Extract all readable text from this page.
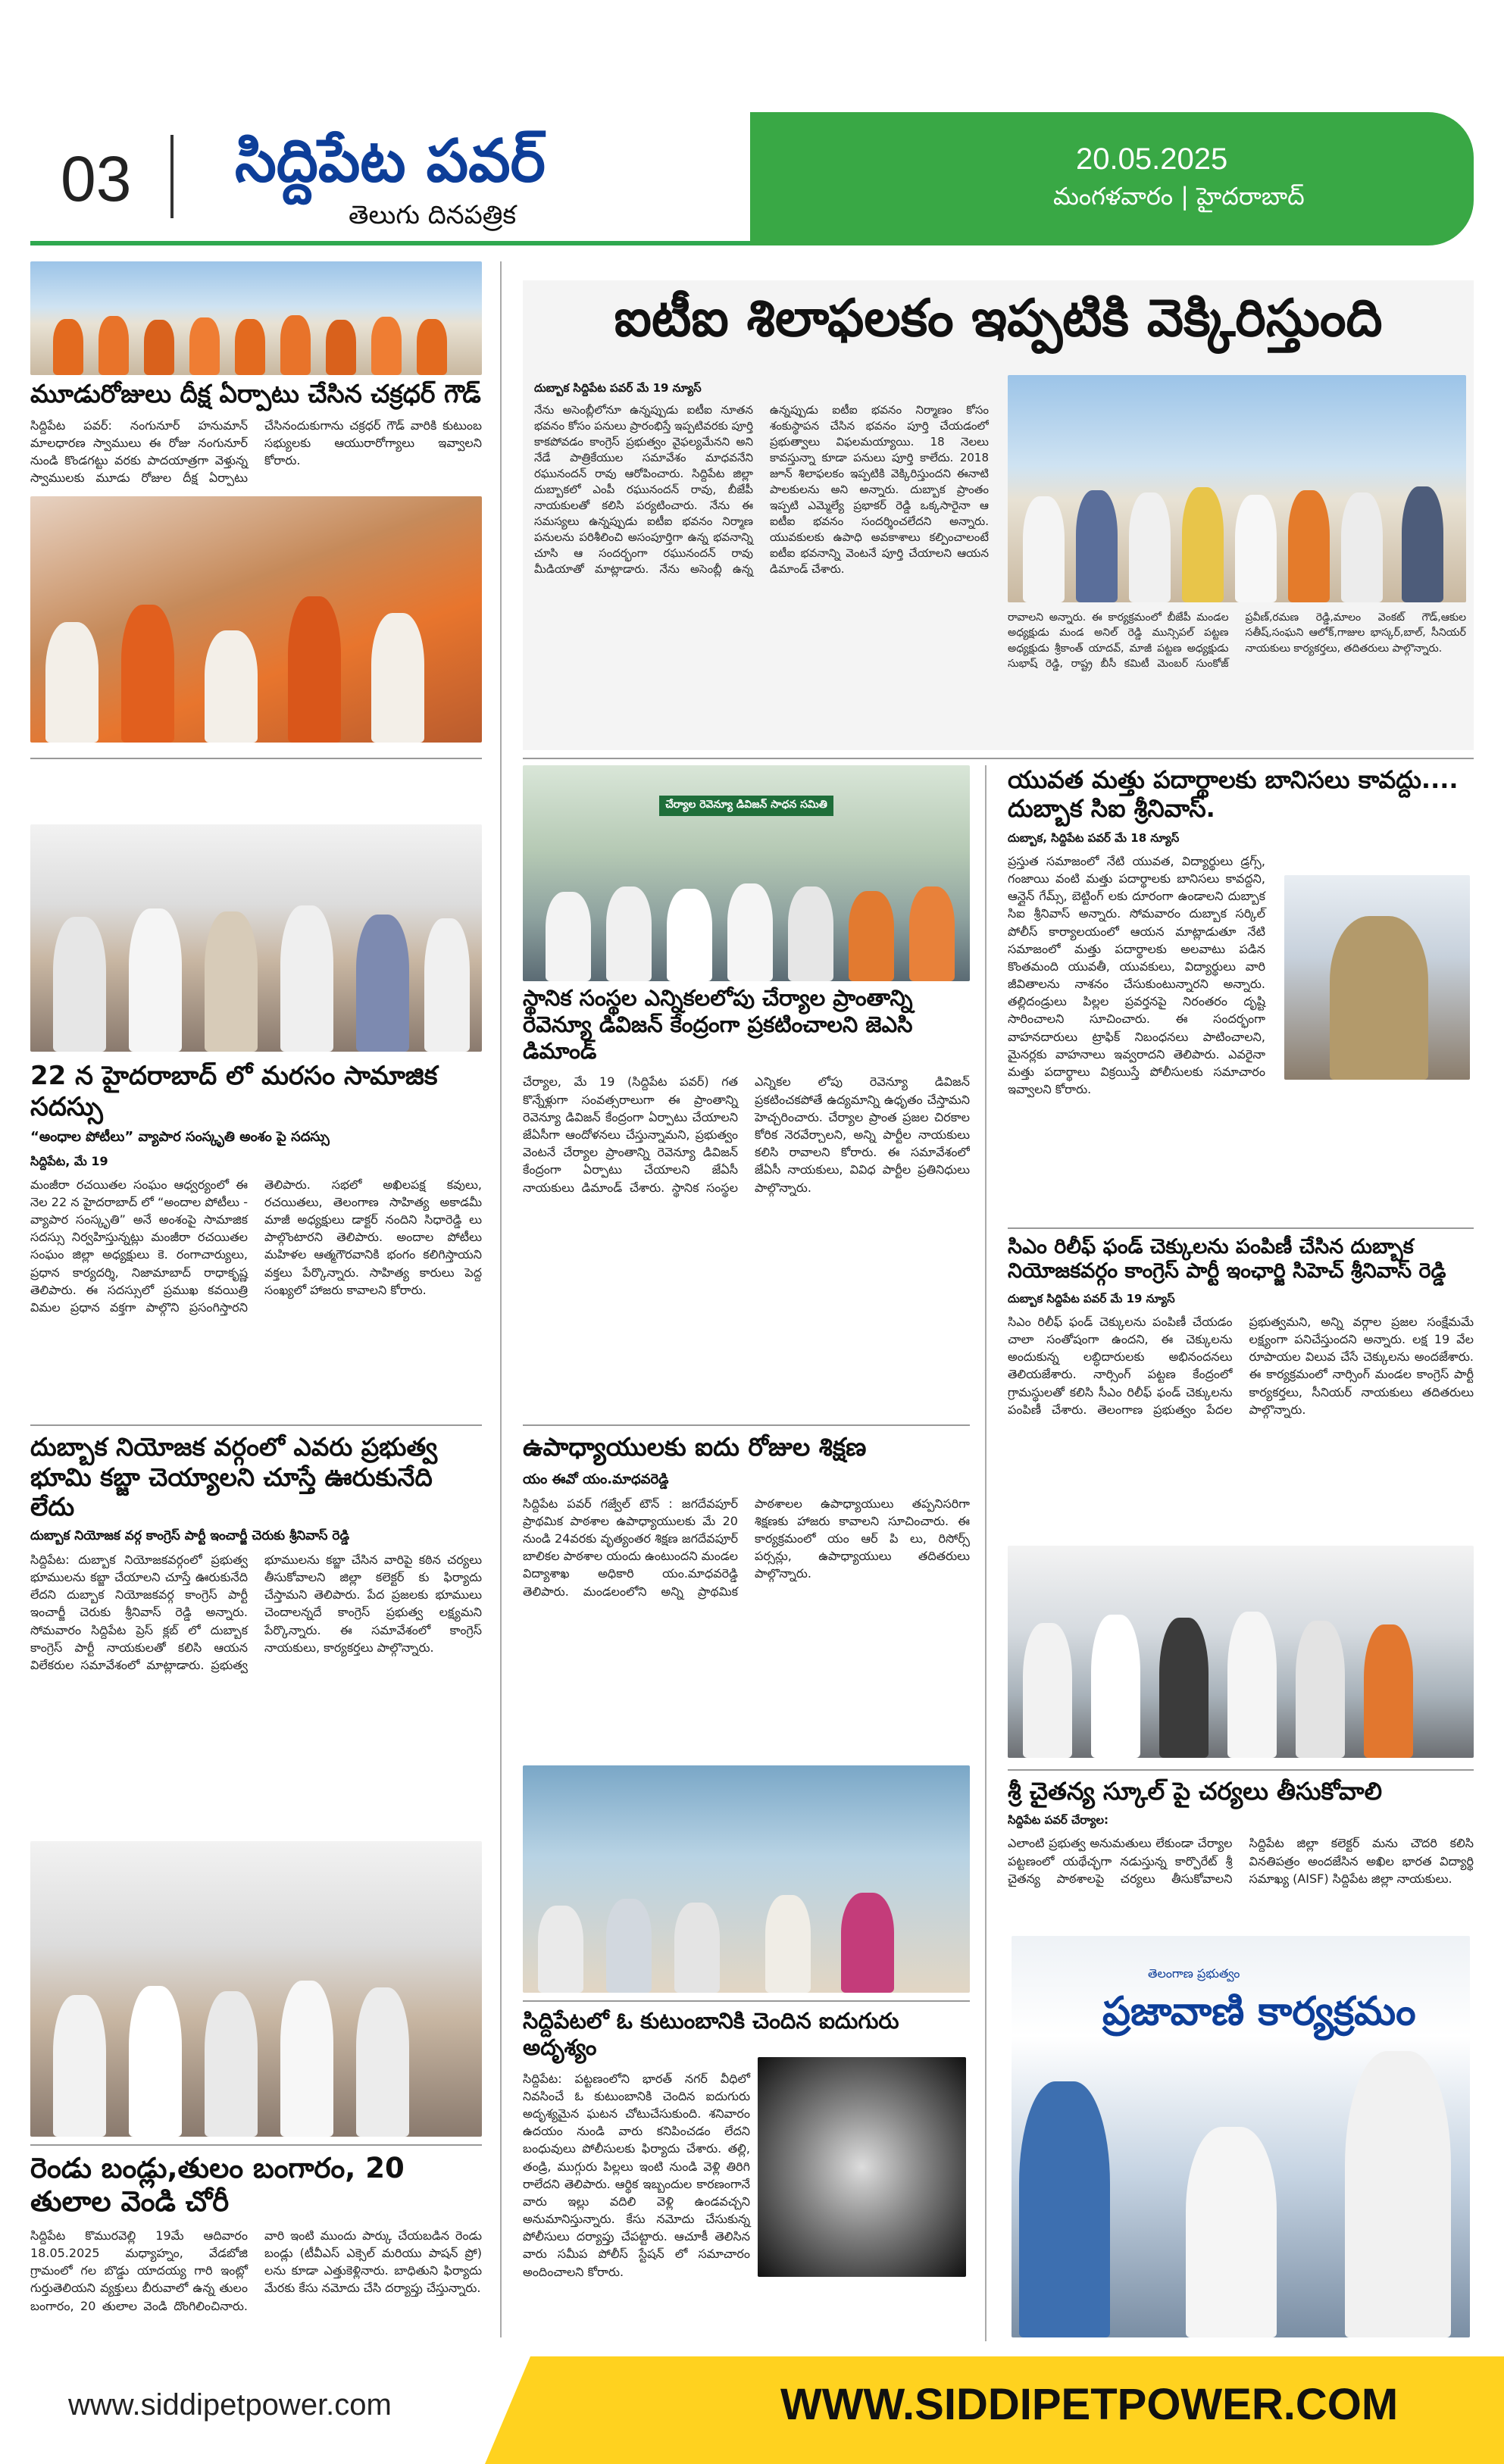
03 సిద్దిపేట పవర్
తెలుగు దినపత్రిక
20.05.2025
మంగళవారం | హైదరాబాద్
మూడురోజులు దీక్ష ఏర్పాటు చేసిన చక్రధర్ గౌడ్
సిద్దిపేట పవర్: నంగునూర్ హనుమాన్ మాలధారణ స్వాములు ఈ రోజు నంగునూర్ నుండి కొండగట్టు వరకు పాదయాత్రగా వెళ్తున్న స్వాములకు మూడు రోజుల దీక్ష ఏర్పాటు చేసినందుకుగాను చక్రధర్ గౌడ్ వారికి కుటుంబ సభ్యులకు ఆయురారోగ్యాలు ఇవ్వాలని కోరారు.
22 న హైదరాబాద్ లో మరసం సామాజిక సదస్సు
“అంధాల పోటీలు” వ్యాపార సంస్కృతి అంశం పై సదస్సు
సిద్దిపేట, మే 19
మంజీరా రచయితల సంఘం ఆధ్వర్యంలో ఈ నెల 22 న హైదరాబాద్ లో “అందాల పోటీలు - వ్యాపార సంస్కృతి” అనే అంశంపై సామాజిక సదస్సు నిర్వహిస్తున్నట్లు మంజీరా రచయితల సంఘం జిల్లా అధ్యక్షులు కె. రంగాచార్యులు, ప్రధాన కార్యదర్శి, నిజామాబాద్ రాధాకృష్ణ తెలిపారు. ఈ సదస్సులో ప్రముఖ కవయిత్రి విమల ప్రధాన వక్తగా పాల్గొని ప్రసంగిస్తారని తెలిపారు. సభలో అఖిలపక్ష కవులు, రచయితలు, తెలంగాణ సాహిత్య అకాడమీ మాజీ అధ్యక్షులు డాక్టర్ నందిని సిధారెడ్డి లు పాల్గొంటారని తెలిపారు. అందాల పోటీలు మహిళల ఆత్మగౌరవానికి భంగం కలిగిస్తాయని వక్తలు పేర్కొన్నారు. సాహిత్య కారులు పెద్ద సంఖ్యలో హాజరు కావాలని కోరారు.
దుబ్బాక నియోజక వర్గంలో ఎవరు ప్రభుత్వ భూమి కబ్జా చెయ్యాలని చూస్తే ఊరుకునేది లేదు
దుబ్బాక నియోజక వర్గ కాంగ్రెస్ పార్టీ ఇంచార్జీ చెరుకు శ్రీనివాస్ రెడ్డి
సిద్దిపేట: దుబ్బాక నియోజకవర్గంలో ప్రభుత్వ భూములను కబ్జా చేయాలని చూస్తే ఊరుకునేది లేదని దుబ్బాక నియోజకవర్గ కాంగ్రెస్ పార్టీ ఇంచార్జీ చెరుకు శ్రీనివాస్ రెడ్డి అన్నారు. సోమవారం సిద్దిపేట ప్రెస్ క్లబ్ లో దుబ్బాక కాంగ్రెస్ పార్టీ నాయకులతో కలిసి ఆయన విలేకరుల సమావేశంలో మాట్లాడారు. ప్రభుత్వ భూములను కబ్జా చేసిన వారిపై కఠిన చర్యలు తీసుకోవాలని జిల్లా కలెక్టర్ కు ఫిర్యాదు చేస్తామని తెలిపారు. పేద ప్రజలకు భూములు చెందాలన్నదే కాంగ్రెస్ ప్రభుత్వ లక్ష్యమని పేర్కొన్నారు. ఈ సమావేశంలో కాంగ్రెస్ నాయకులు, కార్యకర్తలు పాల్గొన్నారు.
రెండు బండ్లు,తులం బంగారం, 20 తులాల వెండి చోరీ
సిద్దిపేట కొమురవెల్లి 19మే ఆదివారం 18.05.2025 మధ్యాహ్నం, వేడబోజి గ్రామంలో గల బొడ్డు యాదయ్య గారి ఇంట్లో గుర్తుతెలియని వ్యక్తులు బీరువాలో ఉన్న తులం బంగారం, 20 తులాల వెండి దొంగిలించినారు. వారి ఇంటి ముందు పార్కు చేయబడిన రెండు బండ్లు (టీవీఎస్ ఎక్సెల్ మరియు పాషన్ ప్రో) లను కూడా ఎత్తుకెళ్లినారు. బాధితుని ఫిర్యాదు మేరకు కేసు నమోదు చేసి దర్యాప్తు చేస్తున్నారు.
ఐటీఐ శిలాఫలకం ఇప్పటికి వెక్కిరిస్తుంది
దుబ్బాక సిద్దిపేట పవర్ మే 19 న్యూస్
నేను అసెంబ్లీలోనూ ఉన్నప్పుడు ఐటీఐ నూతన భవనం కోసం పనులు ప్రారంభిస్తే ఇప్పటివరకు పూర్తి కాకపోవడం కాంగ్రెస్ ప్రభుత్వం వైఫల్యమేనని అని నేడే పాత్రికేయుల సమావేశం మాధవనేని రఘునందన్ రావు ఆరోపించారు. సిద్దిపేట జిల్లా దుబ్బాకలో ఎంపీ రఘునందన్ రావు, బీజేపీ నాయకులతో కలిసి పర్యటించారు. నేను ఈ సమస్యలు ఉన్నప్పుడు ఐటీఐ భవనం నిర్మాణ పనులను పరిశీలించి అసంపూర్తిగా ఉన్న భవనాన్ని చూసి ఆ సందర్భంగా రఘునందన్ రావు మీడియాతో మాట్లాడారు. నేను అసెంబ్లీ ఉన్న ఉన్నప్పుడు ఐటీఐ భవనం నిర్మాణం కోసం శంకుస్థాపన చేసిన భవనం పూర్తి చేయడంలో ప్రభుత్వాలు విఫలమయ్యాయి. 18 నెలలు కావస్తున్నా కూడా పనులు పూర్తి కాలేదు. 2018 జూన్ శిలాఫలకం ఇప్పటికి వెక్కిరిస్తుందని ఈనాటి పాలకులను అని అన్నారు. దుబ్బాక ప్రాంతం ఇప్పటి ఎమ్మెల్యే ప్రభాకర్ రెడ్డి ఒక్కసారైనా ఆ ఐటీఐ భవనం సందర్శించలేదని అన్నారు. యువకులకు ఉపాధి అవకాశాలు కల్పించాలంటే ఐటీఐ భవనాన్ని వెంటనే పూర్తి చేయాలని ఆయన డిమాండ్ చేశారు.
రావాలని అన్నారు. ఈ కార్యక్రమంలో బీజేపీ మండల అధ్యక్షుడు మండ అనిల్ రెడ్డి మున్సిపల్ పట్టణ అధ్యక్షుడు శ్రీకాంత్ యాదవ్, మాజీ పట్టణ అధ్యక్షుడు సుభాష్ రెడ్డి, రాష్ట్ర బీసీ కమిటీ మెంబర్ సుంకోజ్ ప్రవీణ్,రమణ రెడ్డి,మాలం వెంకట్ గౌడ్,ఆకుల సతీష్,సంఘని ఆలోక్,గాజుల భాస్కర్,బాల్, సీనియర్ నాయకులు కార్యకర్తలు, తదితరులు పాల్గొన్నారు.
చేర్యాల రెవెన్యూ డివిజన్ సాధన సమితి
స్థానిక సంస్థల ఎన్నికలలోపు చేర్యాల ప్రాంతాన్ని రెవెన్యూ డివిజన్ కేంద్రంగా ప్రకటించాలని జెఎసి డిమాండ్
చేర్యాల, మే 19 (సిద్దిపేట పవర్) గత కొన్నేళ్లుగా సంవత్సరాలుగా ఈ ప్రాంతాన్ని రెవెన్యూ డివిజన్ కేంద్రంగా ఏర్పాటు చేయాలని జేఏసీగా ఆందోళనలు చేస్తున్నామని, ప్రభుత్వం వెంటనే చేర్యాల ప్రాంతాన్ని రెవెన్యూ డివిజన్ కేంద్రంగా ఏర్పాటు చేయాలని జేఏసీ నాయకులు డిమాండ్ చేశారు. స్థానిక సంస్థల ఎన్నికల లోపు రెవెన్యూ డివిజన్ ప్రకటించకపోతే ఉద్యమాన్ని ఉధృతం చేస్తామని హెచ్చరించారు. చేర్యాల ప్రాంత ప్రజల చిరకాల కోరిక నెరవేర్చాలని, అన్ని పార్టీల నాయకులు కలిసి రావాలని కోరారు. ఈ సమావేశంలో జేఏసీ నాయకులు, వివిధ పార్టీల ప్రతినిధులు పాల్గొన్నారు.
ఉపాధ్యాయులకు ఐదు రోజుల శిక్షణ
యం ఈవో యం.మాధవరెడ్డి
సిద్దిపేట పవర్ గజ్వేల్ టౌన్ : జగదేవపూర్ ప్రాథమిక పాఠశాల ఉపాధ్యాయులకు మే 20 నుండి 24వరకు వృత్యంతర శిక్షణ జగదేవపూర్ బాలికల పాఠశాల యందు ఉంటుందని మండల విద్యాశాఖ అధికారి యం.మాధవరెడ్డి తెలిపారు. మండలంలోని అన్ని ప్రాథమిక పాఠశాలల ఉపాధ్యాయులు తప్పనిసరిగా శిక్షణకు హాజరు కావాలని సూచించారు. ఈ కార్యక్రమంలో యం ఆర్ పి లు, రిసోర్స్ పర్సన్లు, ఉపాధ్యాయులు తదితరులు పాల్గొన్నారు.
సిద్దిపేటలో ఓ కుటుంబానికి చెందిన ఐదుగురు అదృశ్యం
సిద్దిపేట: పట్టణంలోని భారత్ నగర్ వీధిలో నివసించే ఓ కుటుంబానికి చెందిన ఐదుగురు అదృశ్యమైన ఘటన చోటుచేసుకుంది. శనివారం ఉదయం నుండి వారు కనిపించడం లేదని బంధువులు పోలీసులకు ఫిర్యాదు చేశారు. తల్లి, తండ్రి, ముగ్గురు పిల్లలు ఇంటి నుండి వెళ్లి తిరిగి రాలేదని తెలిపారు. ఆర్థిక ఇబ్బందుల కారణంగానే వారు ఇల్లు వదిలి వెళ్లి ఉండవచ్చని అనుమానిస్తున్నారు. కేసు నమోదు చేసుకున్న పోలీసులు దర్యాప్తు చేపట్టారు. ఆచూకీ తెలిసిన వారు సమీప పోలీస్ స్టేషన్ లో సమాచారం అందించాలని కోరారు.
యువత మత్తు పదార్థాలకు బానిసలు కావద్దు.... దుబ్బాక సిఐ శ్రీనివాస్.
దుబ్బాక, సిద్దిపేట పవర్ మే 18 న్యూస్
ప్రస్తుత సమాజంలో నేటి యువత, విద్యార్థులు డ్రగ్స్, గంజాయి వంటి మత్తు పదార్థాలకు బానిసలు కావద్దని, ఆన్లైన్ గేమ్స్, బెట్టింగ్ లకు దూరంగా ఉండాలని దుబ్బాక సిఐ శ్రీనివాస్ అన్నారు. సోమవారం దుబ్బాక సర్కిల్ పోలీస్ కార్యాలయంలో ఆయన మాట్లాడుతూ నేటి సమాజంలో మత్తు పదార్థాలకు అలవాటు పడిన కొంతమంది యువతీ, యువకులు, విద్యార్థులు వారి జీవితాలను నాశనం చేసుకుంటున్నారని అన్నారు. తల్లిదండ్రులు పిల్లల ప్రవర్తనపై నిరంతరం దృష్టి సారించాలని సూచించారు. ఈ సందర్భంగా వాహనదారులు ట్రాఫిక్ నిబంధనలు పాటించాలని, మైనర్లకు వాహనాలు ఇవ్వరాదని తెలిపారు. ఎవరైనా మత్తు పదార్థాలు విక్రయిస్తే పోలీసులకు సమాచారం ఇవ్వాలని కోరారు.
సిఎం రిలీఫ్ ఫండ్ చెక్కులను పంపిణీ చేసిన దుబ్బాక నియోజకవర్గం కాంగ్రెస్ పార్టీ ఇంఛార్జి సిహెచ్ శ్రీనివాస్ రెడ్డి
దుబ్బాక సిద్దిపేట పవర్ మే 19 న్యూస్
సిఎం రిలీఫ్ ఫండ్ చెక్కులను పంపిణీ చేయడం చాలా సంతోషంగా ఉందని, ఈ చెక్కులను అందుకున్న లబ్ధిదారులకు అభినందనలు తెలియజేశారు. నార్సింగ్ పట్టణ కేంద్రంలో గ్రామస్థులతో కలిసి సీఎం రిలీఫ్ ఫండ్ చెక్కులను పంపిణీ చేశారు. తెలంగాణ ప్రభుత్వం పేదల ప్రభుత్వమని, అన్ని వర్గాల ప్రజల సంక్షేమమే లక్ష్యంగా పనిచేస్తుందని అన్నారు. లక్ష 19 వేల రూపాయల విలువ చేసే చెక్కులను అందజేశారు. ఈ కార్యక్రమంలో నార్సింగ్ మండల కాంగ్రెస్ పార్టీ కార్యకర్తలు, సీనియర్ నాయకులు తదితరులు పాల్గొన్నారు.
శ్రీ చైతన్య స్కూల్ పై చర్యలు తీసుకోవాలి
సిద్దిపేట పవర్ చేర్యాల:
ఎలాంటి ప్రభుత్వ అనుమతులు లేకుండా చేర్యాల పట్టణంలో యథేచ్ఛగా నడుస్తున్న కార్పొరేట్ శ్రీ చైతన్య పాఠశాలపై చర్యలు తీసుకోవాలని సిద్దిపేట జిల్లా కలెక్టర్ మను చౌదరి కలిసి వినతిపత్రం అందజేసిన అఖిల భారత విద్యార్థి సమాఖ్య (AISF) సిద్దిపేట జిల్లా నాయకులు.
తెలంగాణ ప్రభుత్వం
ప్రజావాణి కార్యక్రమం
www.siddipetpower.com	WWW.SIDDIPETPOWER.COM
